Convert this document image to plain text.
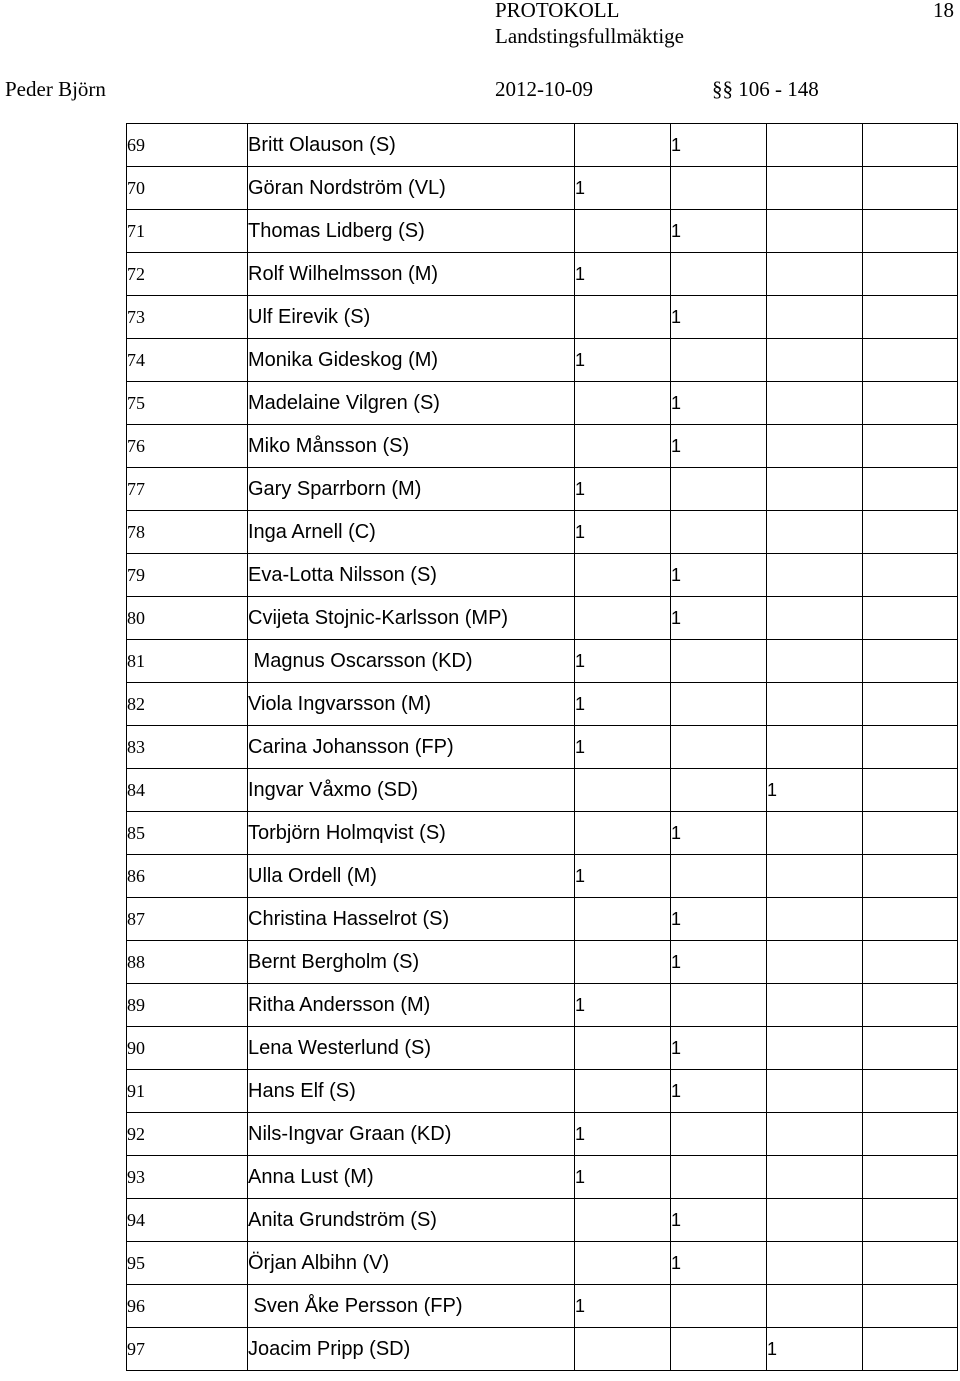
PROTOKOLL
Landstingsfullmäktige
18
Peder Björn	2012-10-09	§§ 106 - 148
69	Britt Olauson (S)		1		
70	Göran Nordström (VL)	1			
71	Thomas Lidberg (S)		1		
72	Rolf Wilhelmsson (M)	1			
73	Ulf Eirevik (S)		1		
74	Monika Gideskog (M)	1			
75	Madelaine Vilgren (S)		1		
76	Miko Månsson (S)		1		
77	Gary Sparrborn (M)	1			
78	Inga Arnell (C)	1			
79	Eva-Lotta Nilsson (S)		1		
80	Cvijeta Stojnic-Karlsson (MP)		1		
81	Magnus Oscarsson (KD)	1			
82	Viola Ingvarsson (M)	1			
83	Carina Johansson (FP)	1			
84	Ingvar Våxmo (SD)			1	
85	Torbjörn Holmqvist (S)		1		
86	Ulla Ordell (M)	1			
87	Christina Hasselrot (S)		1		
88	Bernt Bergholm (S)		1		
89	Ritha Andersson (M)	1			
90	Lena Westerlund (S)		1		
91	Hans Elf (S)		1		
92	Nils-Ingvar Graan (KD)	1			
93	Anna Lust (M)	1			
94	Anita Grundström (S)		1		
95	Örjan Albihn (V)		1		
96	Sven Åke Persson (FP)	1			
97	Joacim Pripp (SD)			1	
